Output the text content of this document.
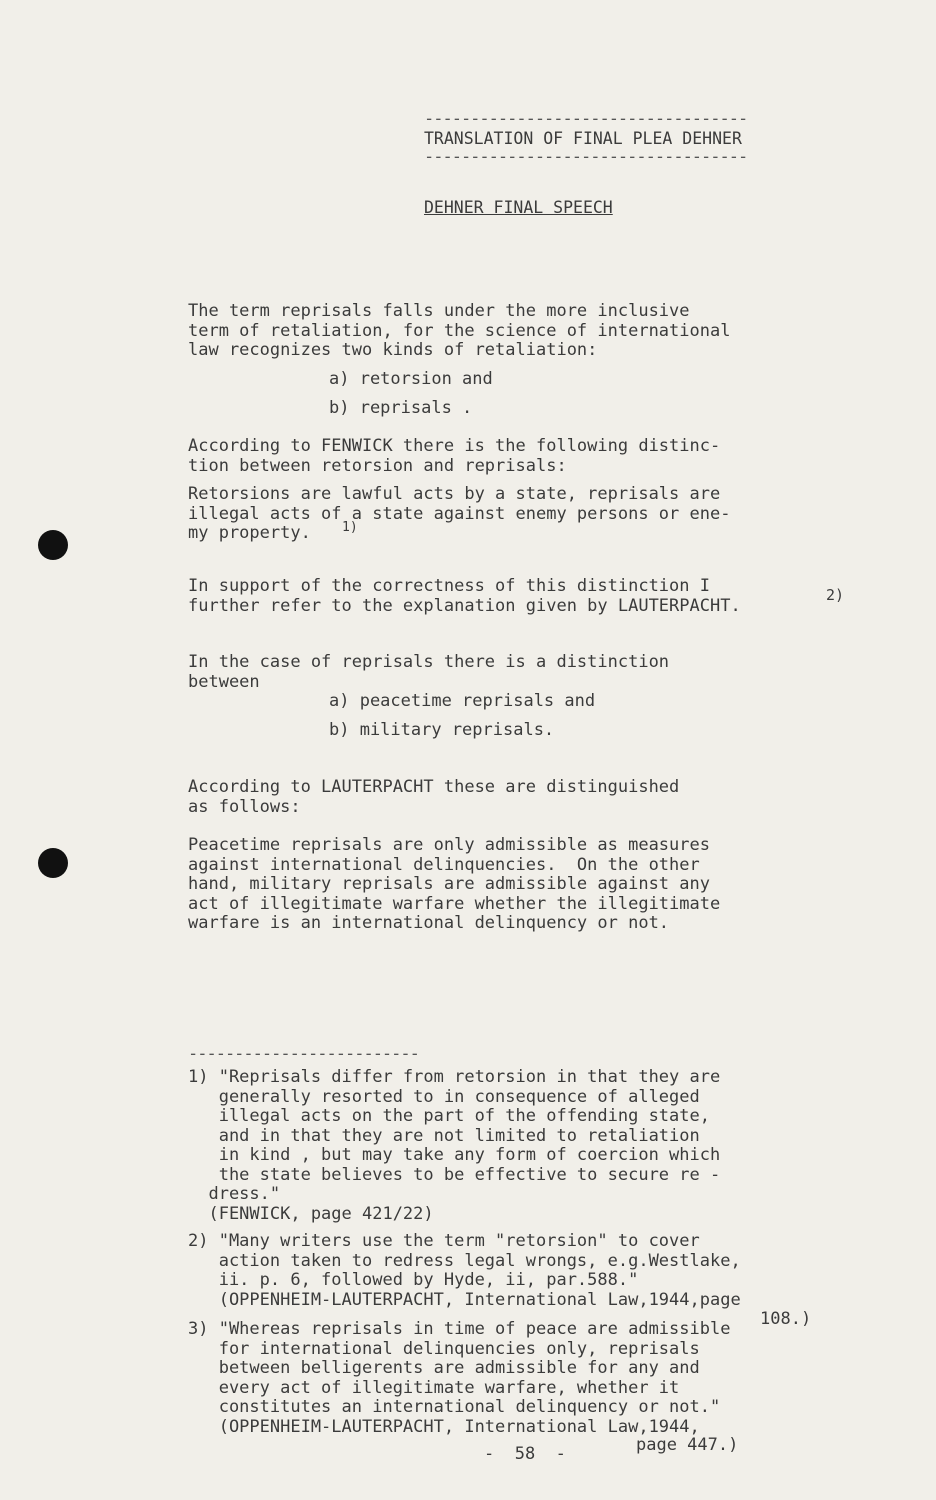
-----------------------------------
TRANSLATION OF FINAL PLEA DEHNER
-----------------------------------
DEHNER FINAL SPEECH
The term reprisals falls under the more inclusive
term of retaliation, for the science of international
law recognizes two kinds of retaliation:
a) retorsion and
b) reprisals .
According to FENWICK there is the following distinc-
tion between retorsion and reprisals:
Retorsions are lawful acts by a state, reprisals are
illegal acts of a state against enemy persons or ene-
my property.	1)
In support of the correctness of this distinction I
further refer to the explanation given by LAUTERPACHT.
2)
In the case of reprisals there is a distinction
between
a) peacetime reprisals and
b) military reprisals.
According to LAUTERPACHT these are distinguished
as follows:
Peacetime reprisals are only admissible as measures
against international delinquencies.  On the other
hand, military reprisals are admissible against any
act of illegitimate warfare whether the illegitimate
warfare is an international delinquency or not.
-------------------------
1) "Reprisals differ from retorsion in that they are
generally resorted to in consequence of alleged
illegal acts on the part of the offending state,
and in that they are not limited to retaliation
in kind , but may take any form of coercion which
the state believes to be effective to secure re -
dress."
(FENWICK, page 421/22)
2) "Many writers use the term "retorsion" to cover
action taken to redress legal wrongs, e.g.Westlake,
ii. p. 6, followed by Hyde, ii, par.588."
(OPPENHEIM-LAUTERPACHT, International Law,1944,page
108.)
3) "Whereas reprisals in time of peace are admissible
for international delinquencies only, reprisals
between belligerents are admissible for any and
every act of illegitimate warfare, whether it
constitutes an international delinquency or not."
(OPPENHEIM-LAUTERPACHT, International Law,1944,
page 447.)
-  58  -
